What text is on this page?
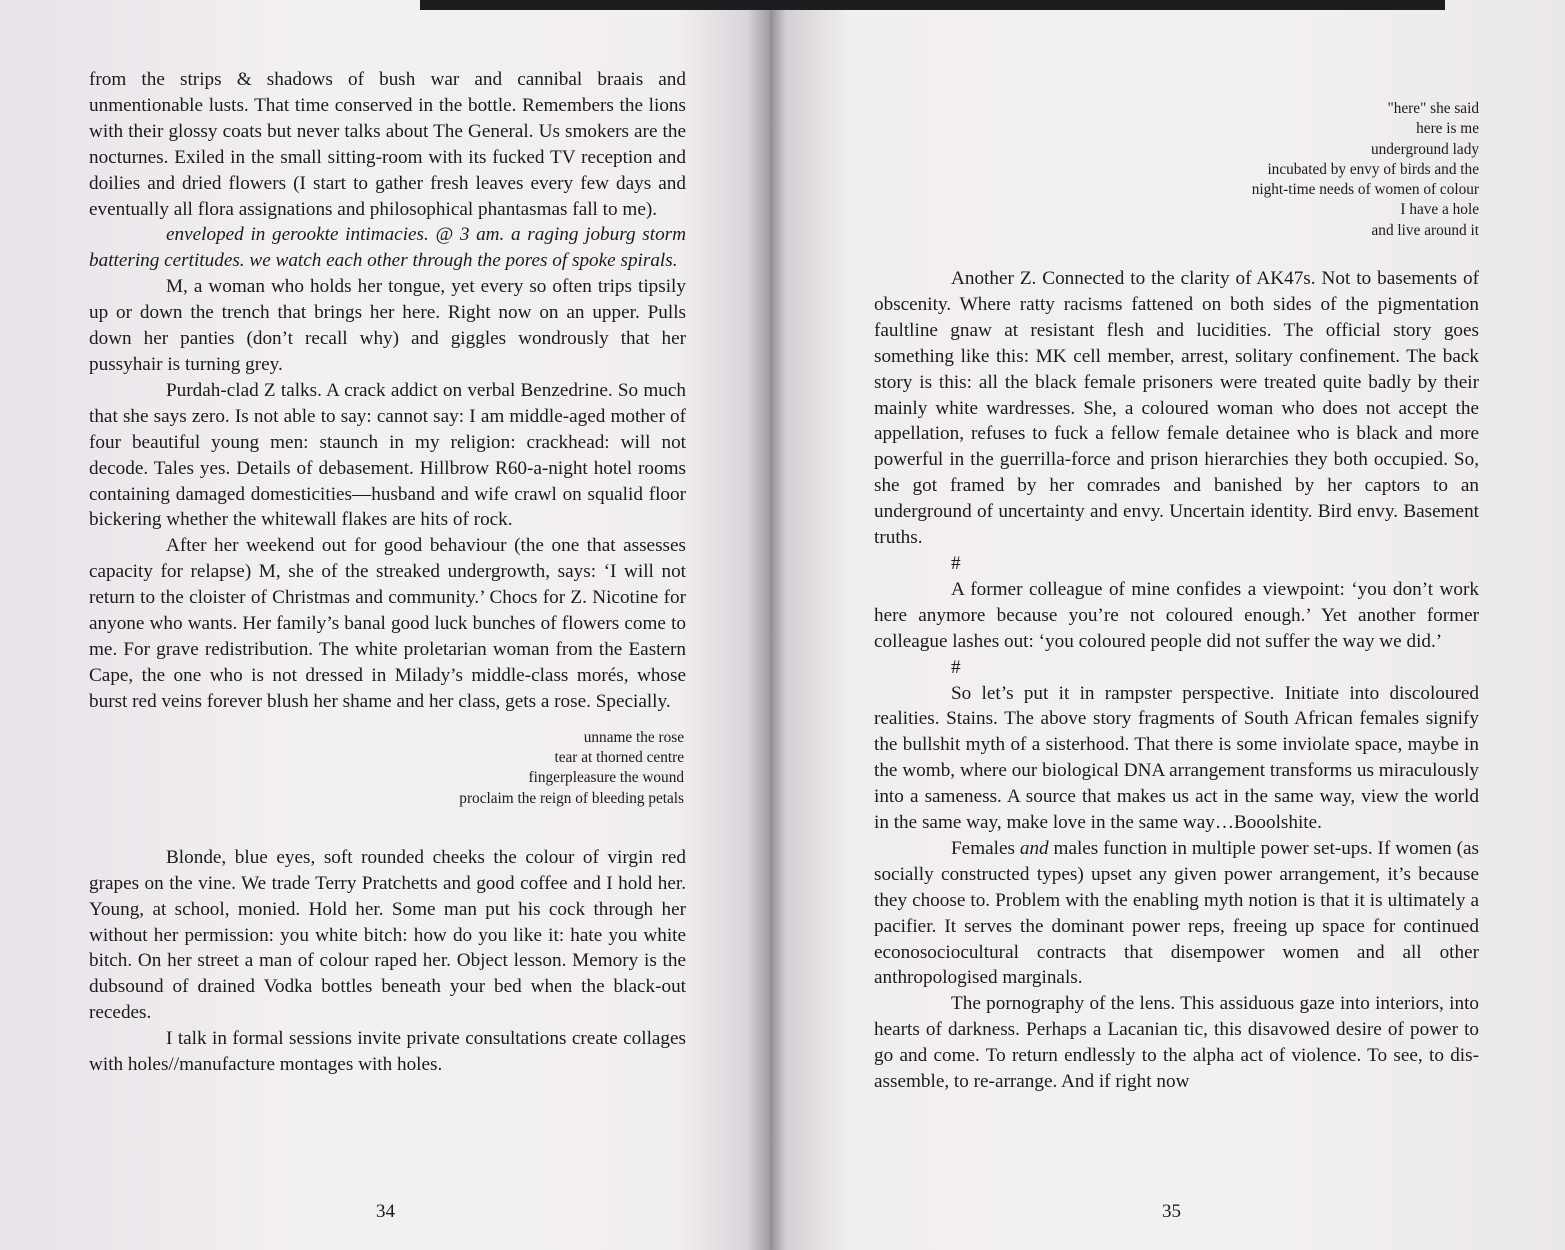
from the strips & shadows of bush war and cannibal braais and unmentionable lusts. That time conserved in the bottle. Remembers the lions with their glossy coats but never talks about The General. Us smokers are the nocturnes. Exiled in the small sitting-room with its fucked TV reception and doilies and dried flowers (I start to gather fresh leaves every few days and eventually all flora assignations and philosophical phantasmas fall to me).

enveloped in gerookte intimacies. @ 3 am. a raging joburg storm battering certitudes. we watch each other through the pores of spoke spirals.

M, a woman who holds her tongue, yet every so often trips tipsily up or down the trench that brings her here. Right now on an upper. Pulls down her panties (don’t recall why) and giggles wondrously that her pussyhair is turning grey.

Purdah-clad Z talks. A crack addict on verbal Benzedrine. So much that she says zero. Is not able to say: cannot say: I am middle-aged mother of four beautiful young men: staunch in my religion: crackhead: will not decode. Tales yes. Details of debasement. Hillbrow R60-a-night hotel rooms containing damaged domesticities—husband and wife crawl on squalid floor bickering whether the whitewall flakes are hits of rock.

After her weekend out for good behaviour (the one that assesses capacity for relapse) M, she of the streaked undergrowth, says: ‘I will not return to the cloister of Christmas and community.’ Chocs for Z. Nicotine for anyone who wants. Her family’s banal good luck bunches of flowers come to me. For grave redistribution. The white proletarian woman from the Eastern Cape, the one who is not dressed in Milady’s middle-class morés, whose burst red veins forever blush her shame and her class, gets a rose. Specially.

unname the rose
tear at thorned centre
fingerpleasure the wound
proclaim the reign of bleeding petals

Blonde, blue eyes, soft rounded cheeks the colour of virgin red grapes on the vine. We trade Terry Pratchetts and good coffee and I hold her. Young, at school, monied. Hold her. Some man put his cock through her without her permission: you white bitch: how do you like it: hate you white bitch. On her street a man of colour raped her. Object lesson. Memory is the dubsound of drained Vodka bottles beneath your bed when the black-out recedes.

I talk in formal sessions invite private consultations create collages with holes//manufacture montages with holes.

34
"here" she said
here is me
underground lady
incubated by envy of birds and the
night-time needs of women of colour
I have a hole
and live around it

Another Z. Connected to the clarity of AK47s. Not to basements of obscenity. Where ratty racisms fattened on both sides of the pigmentation faultline gnaw at resistant flesh and lucidities. The official story goes something like this: MK cell member, arrest, solitary confinement. The back story is this: all the black female prisoners were treated quite badly by their mainly white wardresses. She, a coloured woman who does not accept the appellation, refuses to fuck a fellow female detainee who is black and more powerful in the guerrilla-force and prison hierarchies they both occupied. So, she got framed by her comrades and banished by her captors to an underground of uncertainty and envy. Uncertain identity. Bird envy. Basement truths.

#

A former colleague of mine confides a viewpoint: ‘you don’t work here anymore because you’re not coloured enough.’ Yet another former colleague lashes out: ‘you coloured people did not suffer the way we did.’

#

So let’s put it in rampster perspective. Initiate into discoloured realities. Stains. The above story fragments of South African females signify the bullshit myth of a sisterhood. That there is some inviolate space, maybe in the womb, where our biological DNA arrangement transforms us miraculously into a sameness. A source that makes us act in the same way, view the world in the same way, make love in the same way…Booolshite.

Females and males function in multiple power set-ups. If women (as socially constructed types) upset any given power arrangement, it’s because they choose to. Problem with the enabling myth notion is that it is ultimately a pacifier. It serves the dominant power reps, freeing up space for continued econosociocultural contracts that disempower women and all other anthropologised marginals.

The pornography of the lens. This assiduous gaze into interiors, into hearts of darkness. Perhaps a Lacanian tic, this disavowed desire of power to go and come. To return endlessly to the alpha act of violence. To see, to dis-assemble, to re-arrange. And if right now

35
